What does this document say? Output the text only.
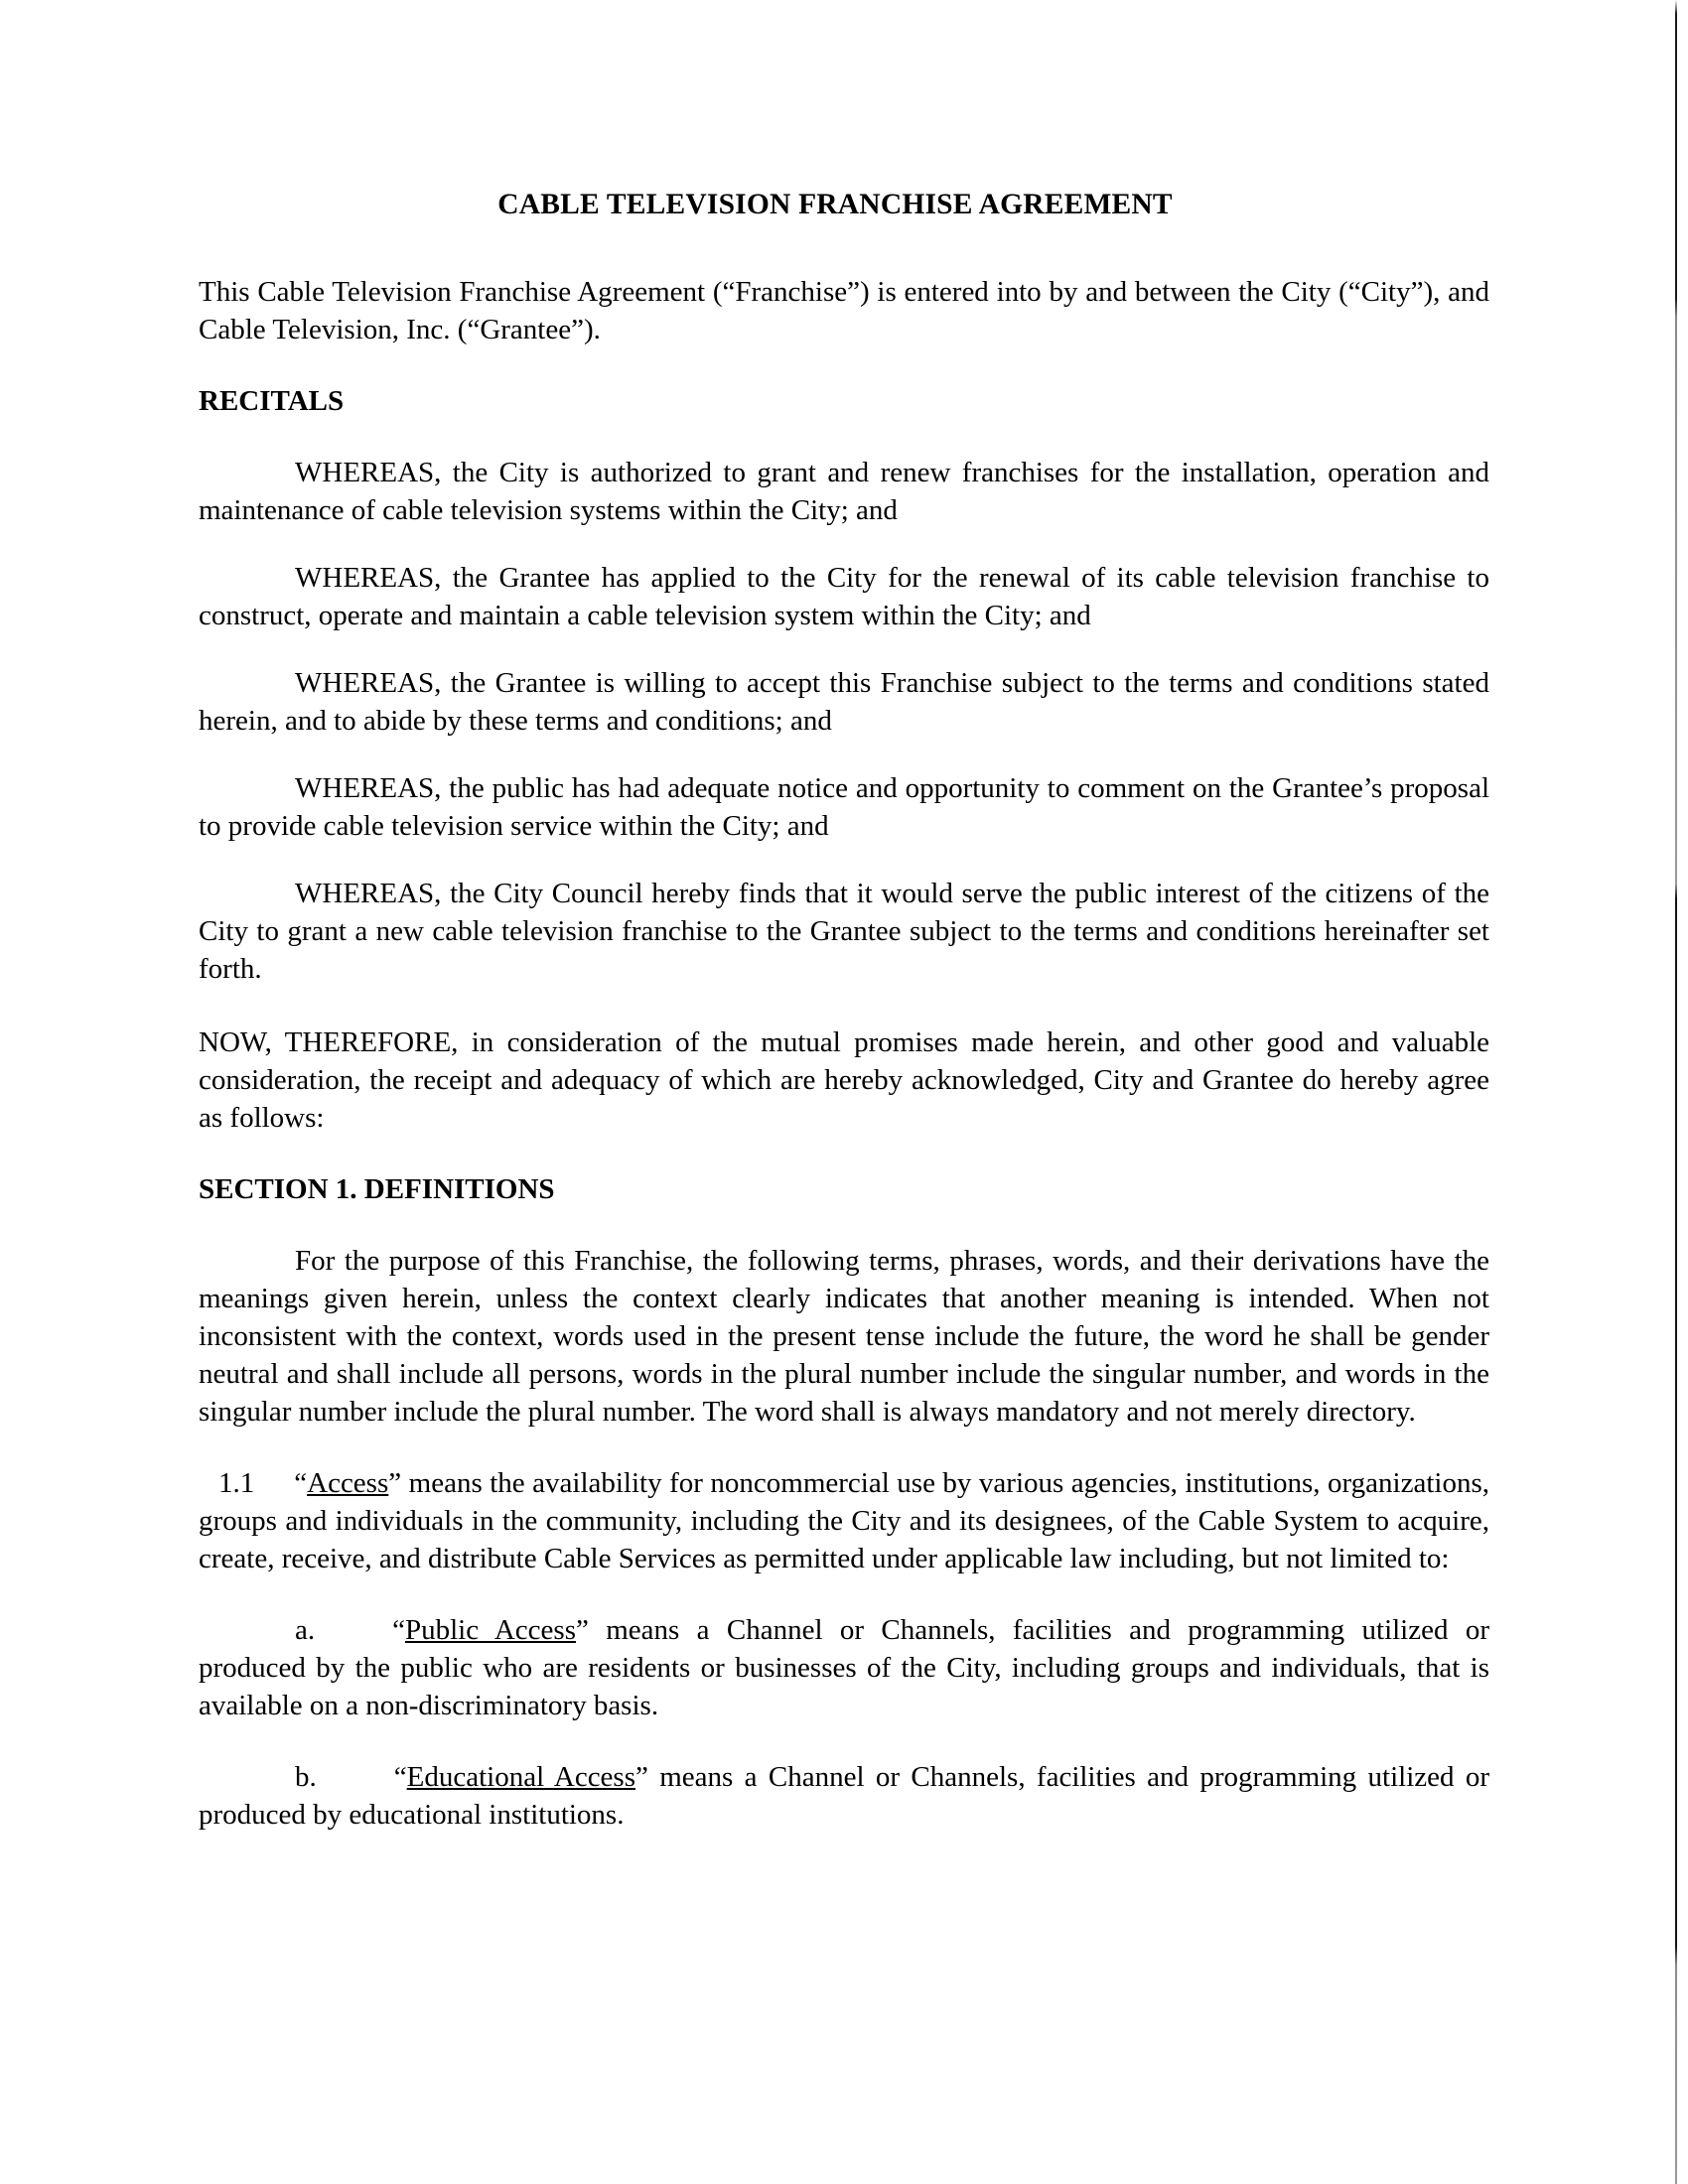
CABLE TELEVISION FRANCHISE AGREEMENT

This Cable Television Franchise Agreement (“Franchise”) is entered into by and between the City (“City”), and Cable Television, Inc. (“Grantee”).

RECITALS

WHEREAS, the City is authorized to grant and renew franchises for the installation, operation and maintenance of cable television systems within the City; and

WHEREAS, the Grantee has applied to the City for the renewal of its cable television franchise to construct, operate and maintain a cable television system within the City; and

WHEREAS, the Grantee is willing to accept this Franchise subject to the terms and conditions stated herein, and to abide by these terms and conditions; and

WHEREAS, the public has had adequate notice and opportunity to comment on the Grantee’s proposal to provide cable television service within the City; and

WHEREAS, the City Council hereby finds that it would serve the public interest of the citizens of the City to grant a new cable television franchise to the Grantee subject to the terms and conditions hereinafter set forth.

NOW, THEREFORE, in consideration of the mutual promises made herein, and other good and valuable consideration, the receipt and adequacy of which are hereby acknowledged, City and Grantee do hereby agree as follows:

SECTION 1. DEFINITIONS

For the purpose of this Franchise, the following terms, phrases, words, and their derivations have the meanings given herein, unless the context clearly indicates that another meaning is intended. When not inconsistent with the context, words used in the present tense include the future, the word he shall be gender neutral and shall include all persons, words in the plural number include the singular number, and words in the singular number include the plural number. The word shall is always mandatory and not merely directory.

1.1 “Access” means the availability for noncommercial use by various agencies, institutions, organizations, groups and individuals in the community, including the City and its designees, of the Cable System to acquire, create, receive, and distribute Cable Services as permitted under applicable law including, but not limited to:

a.	“Public Access” means a Channel or Channels, facilities and programming utilized or produced by the public who are residents or businesses of the City, including groups and individuals, that is available on a non-discriminatory basis.

b.	“Educational Access” means a Channel or Channels, facilities and programming utilized or produced by educational institutions.
